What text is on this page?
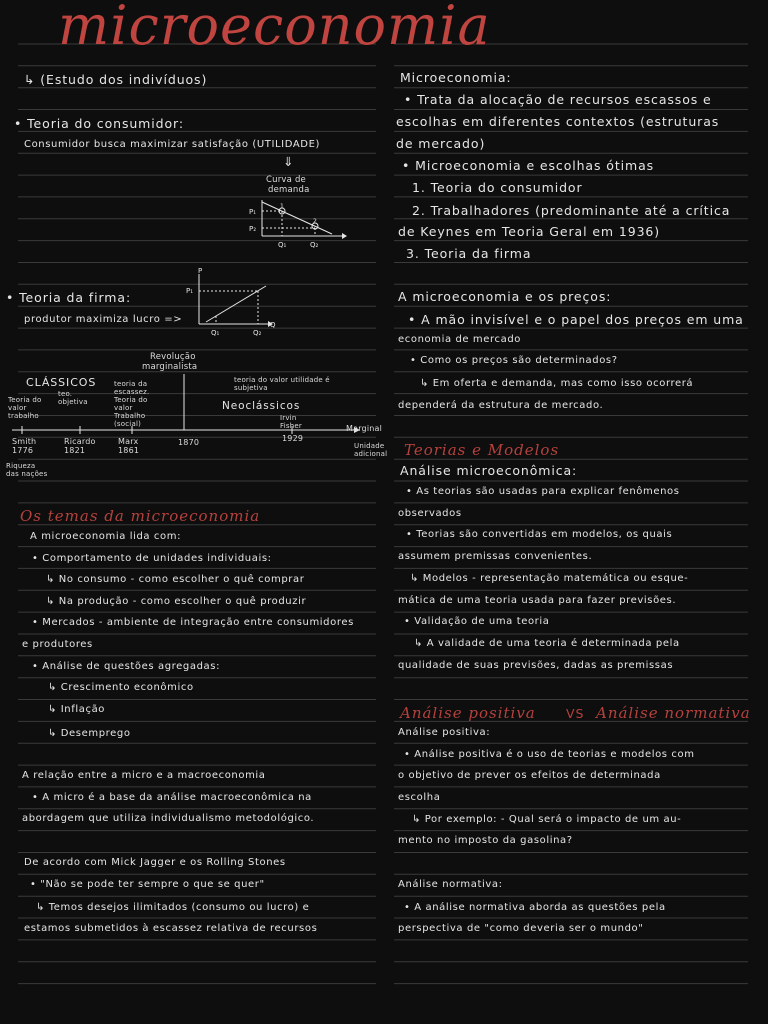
microeconomia
↳ (Estudo dos indivíduos)
• Teoria do consumidor:
Consumidor busca maximizar satisfação (UTILIDADE)
⇓
Curva de
demanda
P₁
P₂
Q₁	Q₂
1
2
• Teoria da firma:
produtor maximiza lucro =>
P
P₁
Q₁	Q₂
Q
Revolução
marginalista
CLÁSSICOS
Teoria do valor trabalho
teo. objetiva
teoria da escassez. Teoria do valor Trabalho (social)
teoria do valor utilidade é subjetiva
Neoclássicos
Irvin Fisher
Smith 1776
Ricardo 1821
Marx 1861
1870	1929
Marginal
Unidade adicional
Riqueza das nações
Os temas da microeconomia
A microeconomia lida com:
• Comportamento de unidades individuais:
↳ No consumo - como escolher o quê comprar
↳ Na produção - como escolher o quê produzir
• Mercados - ambiente de integração entre consumidores
e produtores
• Análise de questões agregadas:
↳ Crescimento econômico
↳ Inflação
↳ Desemprego
A relação entre a micro e a macroeconomia
• A micro é a base da análise macroeconômica na
abordagem que utiliza individualismo metodológico.
De acordo com Mick Jagger e os Rolling Stones
• "Não se pode ter sempre o que se quer"
↳ Temos desejos ilimitados (consumo ou lucro) e
estamos submetidos à escassez relativa de recursos
Microeconomia:
• Trata da alocação de recursos escassos e
escolhas em diferentes contextos (estruturas
de mercado)
• Microeconomia e escolhas ótimas
1. Teoria do consumidor
2. Trabalhadores (predominante até a crítica
de Keynes em Teoria Geral em 1936)
3. Teoria da firma
A microeconomia e os preços:
• A mão invisível e o papel dos preços em uma
economia de mercado
• Como os preços são determinados?
↳ Em oferta e demanda, mas como isso ocorrerá
dependerá da estrutura de mercado.
Teorias e Modelos
Análise microeconômica:
• As teorias são usadas para explicar fenômenos
observados
• Teorias são convertidas em modelos, os quais
assumem premissas convenientes.
↳ Modelos - representação matemática ou esque-
mática de uma teoria usada para fazer previsões.
• Validação de uma teoria
↳ A validade de uma teoria é determinada pela
qualidade de suas previsões, dadas as premissas
Análise positiva VS Análise normativa
Análise positiva:
• Análise positiva é o uso de teorias e modelos com
o objetivo de prever os efeitos de determinada
escolha
↳ Por exemplo: - Qual será o impacto de um au-
mento no imposto da gasolina?
Análise normativa:
• A análise normativa aborda as questões pela
perspectiva de "como deveria ser o mundo"
